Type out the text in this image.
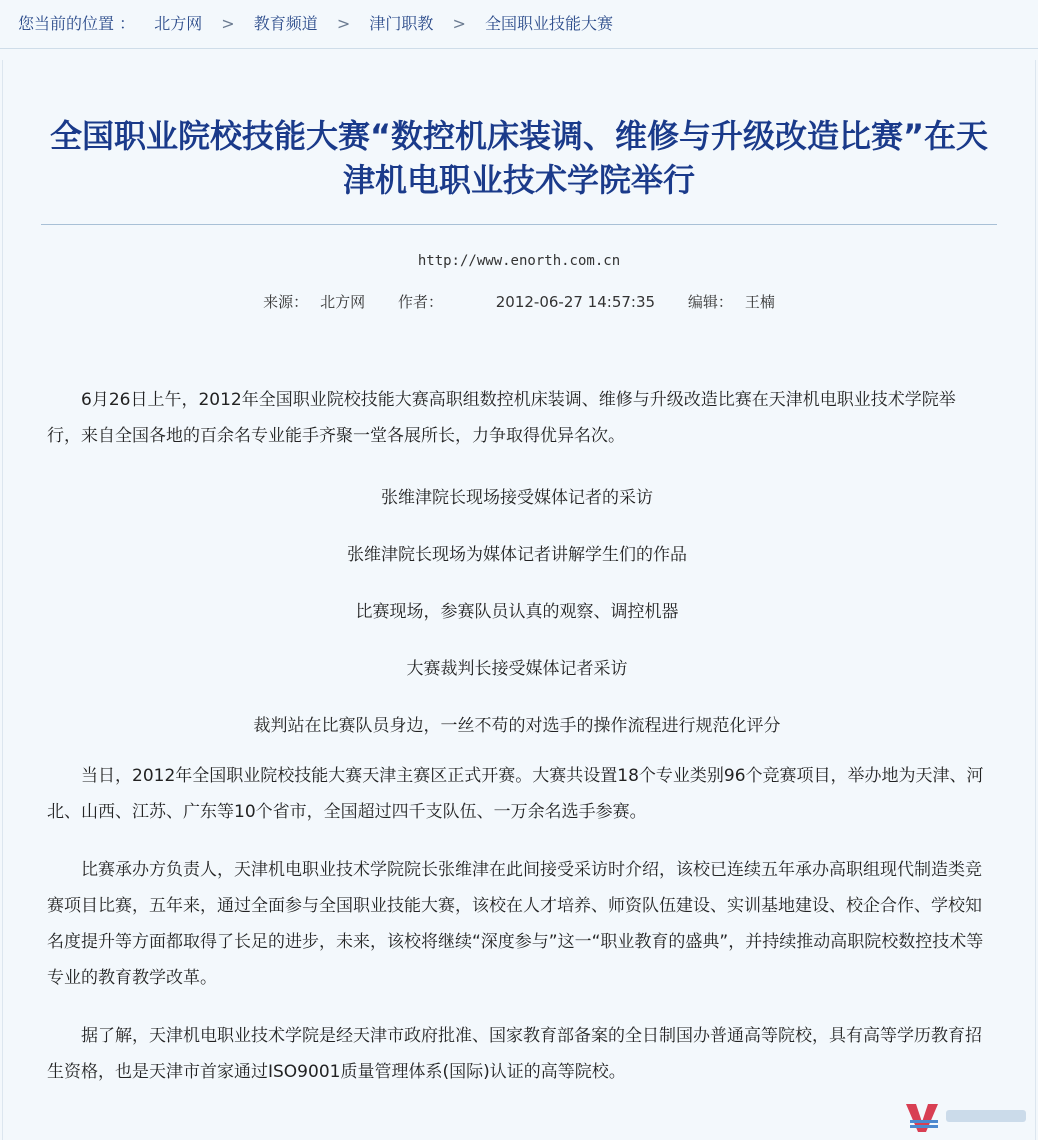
您当前的位置 ： 北方网 > 教育频道 > 津门职教 > 全国职业技能大赛
全国职业院校技能大赛“数控机床装调、维修与升级改造比赛”在天津机电职业技术学院举行
http://www.enorth.com.cn
来源： 北方网 作者：	2012-06-27 14:57:35 编辑： 王楠

6月26日上午，2012年全国职业院校技能大赛高职组数控机床装调、维修与升级改造比赛在天津机电职业技术学院举行，来自全国各地的百余名专业能手齐聚一堂各展所长，力争取得优异名次。

张维津院长现场接受媒体记者的采访

张维津院长现场为媒体记者讲解学生们的作品

比赛现场，参赛队员认真的观察、调控机器

大赛裁判长接受媒体记者采访

裁判站在比赛队员身边，一丝不苟的对选手的操作流程进行规范化评分

当日，2012年全国职业院校技能大赛天津主赛区正式开赛。大赛共设置18个专业类别96个竞赛项目，举办地为天津、河北、山西、江苏、广东等10个省市，全国超过四千支队伍、一万余名选手参赛。

比赛承办方负责人，天津机电职业技术学院院长张维津在此间接受采访时介绍，该校已连续五年承办高职组现代制造类竞赛项目比赛，五年来，通过全面参与全国职业技能大赛，该校在人才培养、师资队伍建设、实训基地建设、校企合作、学校知名度提升等方面都取得了长足的进步，未来，该校将继续“深度参与”这一“职业教育的盛典”，并持续推动高职院校数控技术等专业的教育教学改革。

据了解，天津机电职业技术学院是经天津市政府批准、国家教育部备案的全日制国办普通高等院校，具有高等学历教育招生资格，也是天津市首家通过ISO9001质量管理体系(国际)认证的高等院校。
